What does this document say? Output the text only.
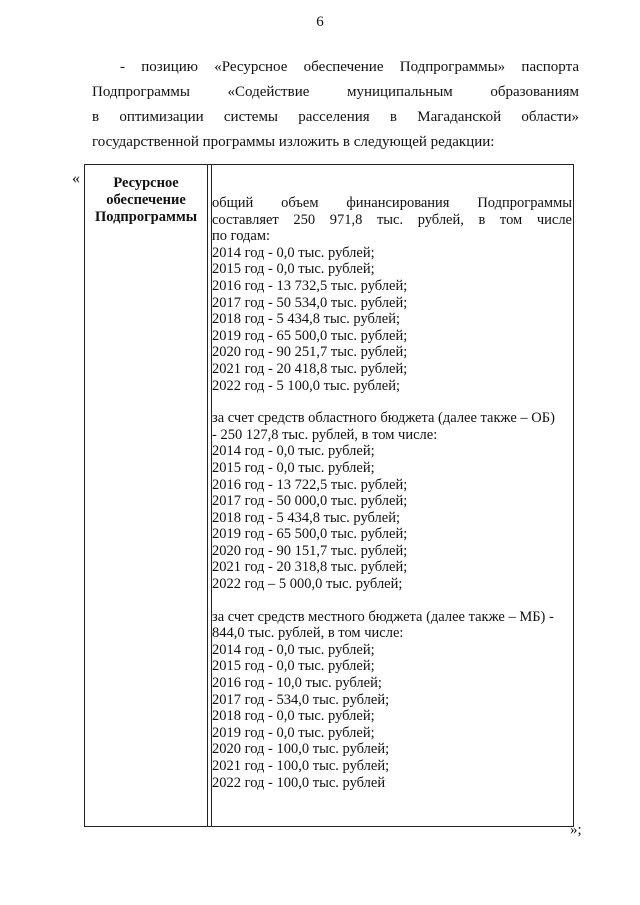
6
- позицию «Ресурсное обеспечение Подпрограммы» паспорта
Подпрограммы «Содействие муниципальным образованиям
в оптимизации системы расселения в Магаданской области»
государственной программы изложить в следующей редакции:
«	Ресурсное
обеспечение
Подпрограммы
общий объем финансирования Подпрограммы
составляет 250 971,8 тыс. рублей, в том числе
по годам:
2014 год - 0,0 тыс. рублей;
2015 год - 0,0 тыс. рублей;
2016 год - 13 732,5 тыс. рублей;
2017 год - 50 534,0 тыс. рублей;
2018 год - 5 434,8 тыс. рублей;
2019 год - 65 500,0 тыс. рублей;
2020 год - 90 251,7 тыс. рублей;
2021 год - 20 418,8 тыс. рублей;
2022 год - 5 100,0 тыс. рублей;
за счет средств областного бюджета (далее также – ОБ)
- 250 127,8 тыс. рублей, в том числе:
2014 год - 0,0 тыс. рублей;
2015 год - 0,0 тыс. рублей;
2016 год - 13 722,5 тыс. рублей;
2017 год - 50 000,0 тыс. рублей;
2018 год - 5 434,8 тыс. рублей;
2019 год - 65 500,0 тыс. рублей;
2020 год - 90 151,7 тыс. рублей;
2021 год - 20 318,8 тыс. рублей;
2022 год – 5 000,0 тыс. рублей;
за счет средств местного бюджета (далее также – МБ) -
844,0 тыс. рублей, в том числе:
2014 год - 0,0 тыс. рублей;
2015 год - 0,0 тыс. рублей;
2016 год - 10,0 тыс. рублей;
2017 год - 534,0 тыс. рублей;
2018 год - 0,0 тыс. рублей;
2019 год - 0,0 тыс. рублей;
2020 год - 100,0 тыс. рублей;
2021 год - 100,0 тыс. рублей;
2022 год - 100,0 тыс. рублей
»;
